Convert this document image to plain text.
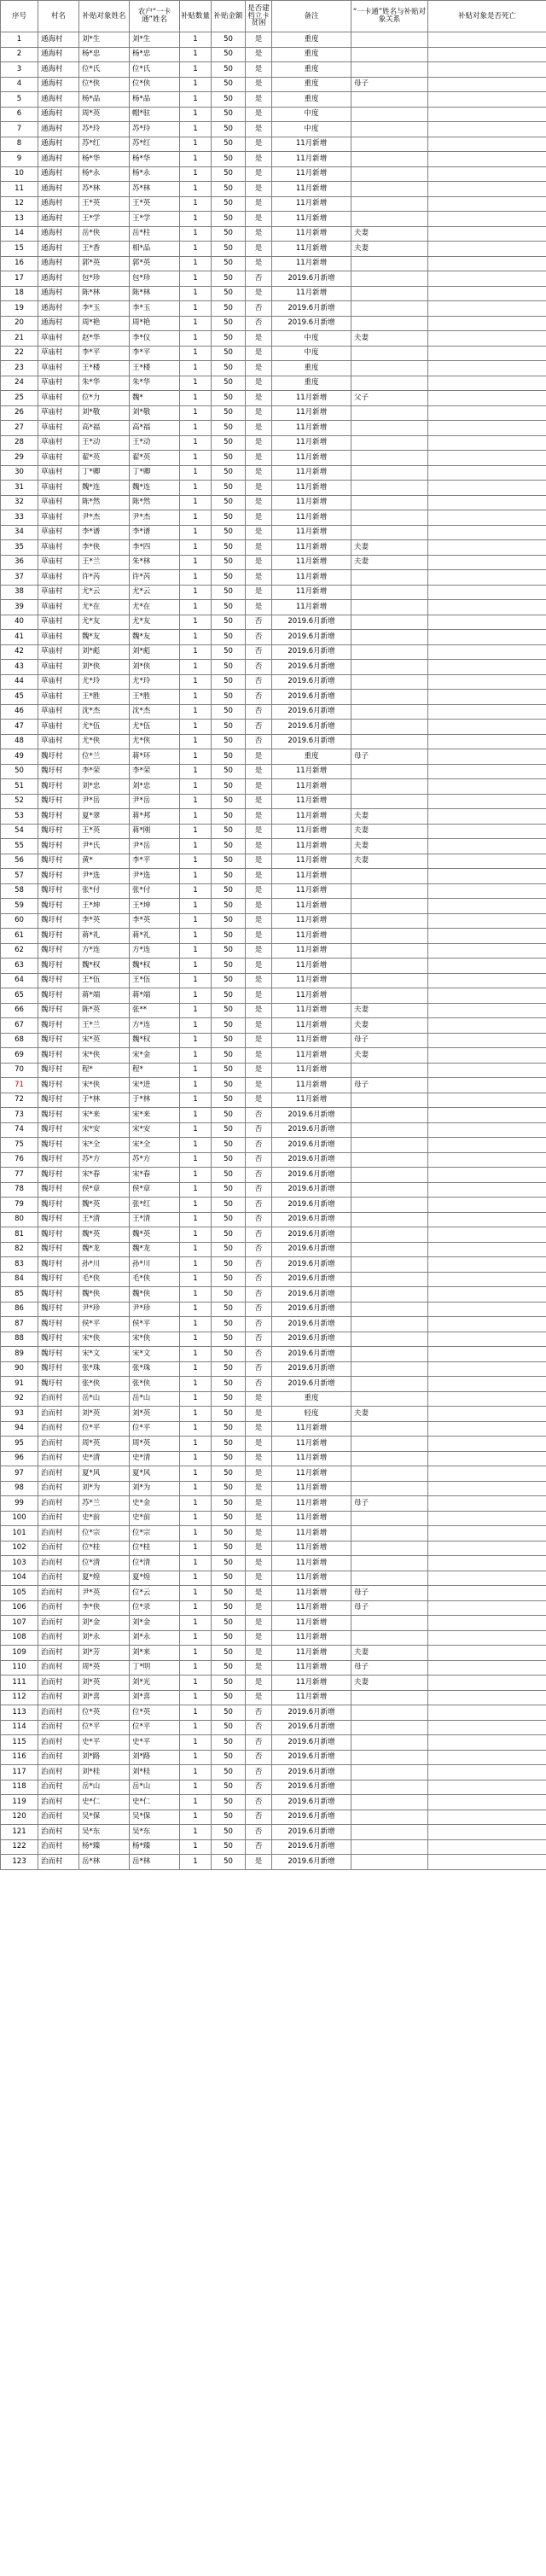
序号	村名	补贴对象姓名	农户“一卡通”姓名	补贴数量	补贴金额	是否建档立卡贫困	备注	“一卡通”姓名与补贴对象关系	补贴对象是否死亡
1	通海村	刘*生	刘*生	1	50	是	重度		
2	通海村	杨*忠	杨*忠	1	50	是	重度		
3	通海村	位*氏	位*氏	1	50	是	重度		
4	通海村	位*侠	位*侠	1	50	是	重度	母子	
5	通海村	杨*品	杨*品	1	50	是	重度		
6	通海村	周*英	帽*驻	1	50	是	中度		
7	通海村	苏*玲	苏*玲	1	50	是	中度		
8	通海村	苏*红	苏*红	1	50	是	11月新增		
9	通海村	杨*华	杨*华	1	50	是	11月新增		
10	通海村	杨*永	杨*永	1	50	是	11月新增		
11	通海村	苏*林	苏*林	1	50	是	11月新增		
12	通海村	王*英	王*英	1	50	是	11月新增		
13	通海村	王*学	王*学	1	50	是	11月新增		
14	通海村	岳*侠	岳*柱	1	50	是	11月新增	夫妻	
15	通海村	王*香	相*品	1	50	是	11月新增	夫妻	
16	通海村	郭*英	郭*英	1	50	是	11月新增		
17	通海村	包*珍	包*珍	1	50	否	2019.6月新增		
18	通海村	陈*林	陈*林	1	50	是	11月新增		
19	通海村	李*玉	李*玉	1	50	否	2019.6月新增		
20	通海村	周*艳	周*艳	1	50	否	2019.6月新增		
21	草庙村	赵*华	李*仪	1	50	是	中度	夫妻	
22	草庙村	李*平	李*平	1	50	是	中度		
23	草庙村	王*楼	王*楼	1	50	是	重度		
24	草庙村	朱*华	朱*华	1	50	是	重度		
25	草庙村	位*力	魏*	1	50	是	11月新增	父子	
26	草庙村	刘*敬	刘*敬	1	50	是	11月新增		
27	草庙村	高*福	高*福	1	50	是	11月新增		
28	草庙村	王*动	王*动	1	50	是	11月新增		
29	草庙村	翟*英	翟*英	1	50	是	11月新增		
30	草庙村	丁*卿	丁*卿	1	50	是	11月新增		
31	草庙村	魏*连	魏*连	1	50	是	11月新增		
32	草庙村	陈*然	陈*然	1	50	是	11月新增		
33	草庙村	尹*杰	尹*杰	1	50	是	11月新增		
34	草庙村	李*谱	李*谱	1	50	是	11月新增		
35	草庙村	李*侠	李*四	1	50	是	11月新增	夫妻	
36	草庙村	王*兰	朱*林	1	50	是	11月新增	夫妻	
37	草庙村	许*芮	许*芮	1	50	是	11月新增		
38	草庙村	尤*云	尤*云	1	50	是	11月新增		
39	草庙村	尤*在	尤*在	1	50	是	11月新增		
40	草庙村	尤*友	尤*友	1	50	否	2019.6月新增		
41	草庙村	魏*友	魏*友	1	50	否	2019.6月新增		
42	草庙村	刘*彪	刘*彪	1	50	否	2019.6月新增		
43	草庙村	刘*侠	刘*侠	1	50	否	2019.6月新增		
44	草庙村	尤*玲	尤*玲	1	50	否	2019.6月新增		
45	草庙村	王*胜	王*胜	1	50	否	2019.6月新增		
46	草庙村	沈*杰	沈*杰	1	50	否	2019.6月新增		
47	草庙村	尤*伍	尤*伍	1	50	否	2019.6月新增		
48	草庙村	尤*侠	尤*侠	1	50	否	2019.6月新增		
49	魏圩村	位*兰	蒋*环	1	50	是	重度	母子	
50	魏圩村	李*荣	李*荣	1	50	是	11月新增		
51	魏圩村	刘*忠	刘*忠	1	50	是	11月新增		
52	魏圩村	尹*岳	尹*岳	1	50	是	11月新增		
53	魏圩村	夏*翠	蒋*邦	1	50	是	11月新增	夫妻	
54	魏圩村	王*英	蒋*刚	1	50	是	11月新增	夫妻	
55	魏圩村	尹*氏	尹*岳	1	50	是	11月新增	夫妻	
56	魏圩村	黄*	李*平	1	50	是	11月新增	夫妻	
57	魏圩村	尹*选	尹*选	1	50	是	11月新增		
58	魏圩村	张*付	张*付	1	50	是	11月新增		
59	魏圩村	王*坤	王*坤	1	50	是	11月新增		
60	魏圩村	李*英	李*英	1	50	是	11月新增		
61	魏圩村	蒋*礼	蒋*礼	1	50	是	11月新增		
62	魏圩村	方*连	方*连	1	50	是	11月新增		
63	魏圩村	魏*权	魏*权	1	50	是	11月新增		
64	魏圩村	王*伍	王*伍	1	50	是	11月新增		
65	魏圩村	蒋*端	蒋*端	1	50	是	11月新增		
66	魏圩村	陈*英	张**	1	50	是	11月新增	夫妻	
67	魏圩村	王*兰	方*连	1	50	是	11月新增	夫妻	
68	魏圩村	宋*英	魏*权	1	50	是	11月新增	母子	
69	魏圩村	宋*侠	宋*金	1	50	是	11月新增	夫妻	
70	魏圩村	程*	程*	1	50	是	11月新增		
71	魏圩村	宋*侠	宋*进	1	50	是	11月新增	母子	
72	魏圩村	于*林	于*林	1	50	是	11月新增		
73	魏圩村	宋*来	宋*来	1	50	否	2019.6月新增		
74	魏圩村	宋*安	宋*安	1	50	否	2019.6月新增		
75	魏圩村	宋*全	宋*全	1	50	否	2019.6月新增		
76	魏圩村	苏*方	苏*方	1	50	否	2019.6月新增		
77	魏圩村	宋*春	宋*春	1	50	否	2019.6月新增		
78	魏圩村	侯*章	侯*章	1	50	否	2019.6月新增		
79	魏圩村	魏*英	张*红	1	50	否	2019.6月新增		
80	魏圩村	王*清	王*清	1	50	否	2019.6月新增		
81	魏圩村	魏*英	魏*英	1	50	否	2019.6月新增		
82	魏圩村	魏*龙	魏*龙	1	50	否	2019.6月新增		
83	魏圩村	孙*川	孙*川	1	50	否	2019.6月新增		
84	魏圩村	毛*侠	毛*侠	1	50	否	2019.6月新增		
85	魏圩村	魏*侠	魏*侠	1	50	否	2019.6月新增		
86	魏圩村	尹*珍	尹*珍	1	50	否	2019.6月新增		
87	魏圩村	侯*平	侯*平	1	50	否	2019.6月新增		
88	魏圩村	宋*侠	宋*侠	1	50	否	2019.6月新增		
89	魏圩村	宋*文	宋*文	1	50	否	2019.6月新增		
90	魏圩村	张*珠	张*珠	1	50	否	2019.6月新增		
91	魏圩村	张*侠	张*侠	1	50	否	2019.6月新增		
92	治而村	岳*山	岳*山	1	50	是	重度		
93	治而村	刘*英	刘*英	1	50	是	轻度	夫妻	
94	治而村	位*平	位*平	1	50	是	11月新增		
95	治而村	周*英	周*英	1	50	是	11月新增		
96	治而村	史*清	史*清	1	50	是	11月新增		
97	治而村	夏*风	夏*风	1	50	是	11月新增		
98	治而村	刘*为	刘*为	1	50	是	11月新增		
99	治而村	苏*兰	史*金	1	50	是	11月新增	母子	
100	治而村	史*前	史*前	1	50	是	11月新增		
101	治而村	位*宗	位*宗	1	50	是	11月新增		
102	治而村	位*桂	位*桂	1	50	是	11月新增		
103	治而村	位*清	位*清	1	50	是	11月新增		
104	治而村	夏*煌	夏*煌	1	50	是	11月新增		
105	治而村	尹*英	位*云	1	50	是	11月新增	母子	
106	治而村	李*侠	位*录	1	50	是	11月新增	母子	
107	治而村	刘*金	刘*金	1	50	是	11月新增		
108	治而村	刘*永	刘*永	1	50	是	11月新增		
109	治而村	刘*芳	刘*来	1	50	是	11月新增	夫妻	
110	治而村	周*英	丁*明	1	50	是	11月新增	母子	
111	治而村	刘*英	刘*光	1	50	是	11月新增	夫妻	
112	治而村	刘*喜	刘*喜	1	50	是	11月新增		
113	治而村	位*英	位*英	1	50	否	2019.6月新增		
114	治而村	位*平	位*平	1	50	否	2019.6月新增		
115	治而村	史*平	史*平	1	50	否	2019.6月新增		
116	治而村	刘*路	刘*路	1	50	否	2019.6月新增		
117	治而村	刘*桂	刘*桂	1	50	否	2019.6月新增		
118	治而村	岳*山	岳*山	1	50	否	2019.6月新增		
119	治而村	史*仁	史*仁	1	50	否	2019.6月新增		
120	治而村	吴*保	吴*保	1	50	否	2019.6月新增		
121	治而村	吴*东	吴*东	1	50	否	2019.6月新增		
122	治而村	杨*臻	杨*臻	1	50	否	2019.6月新增		
123	治而村	岳*林	岳*林	1	50	是	2019.6月新增		
